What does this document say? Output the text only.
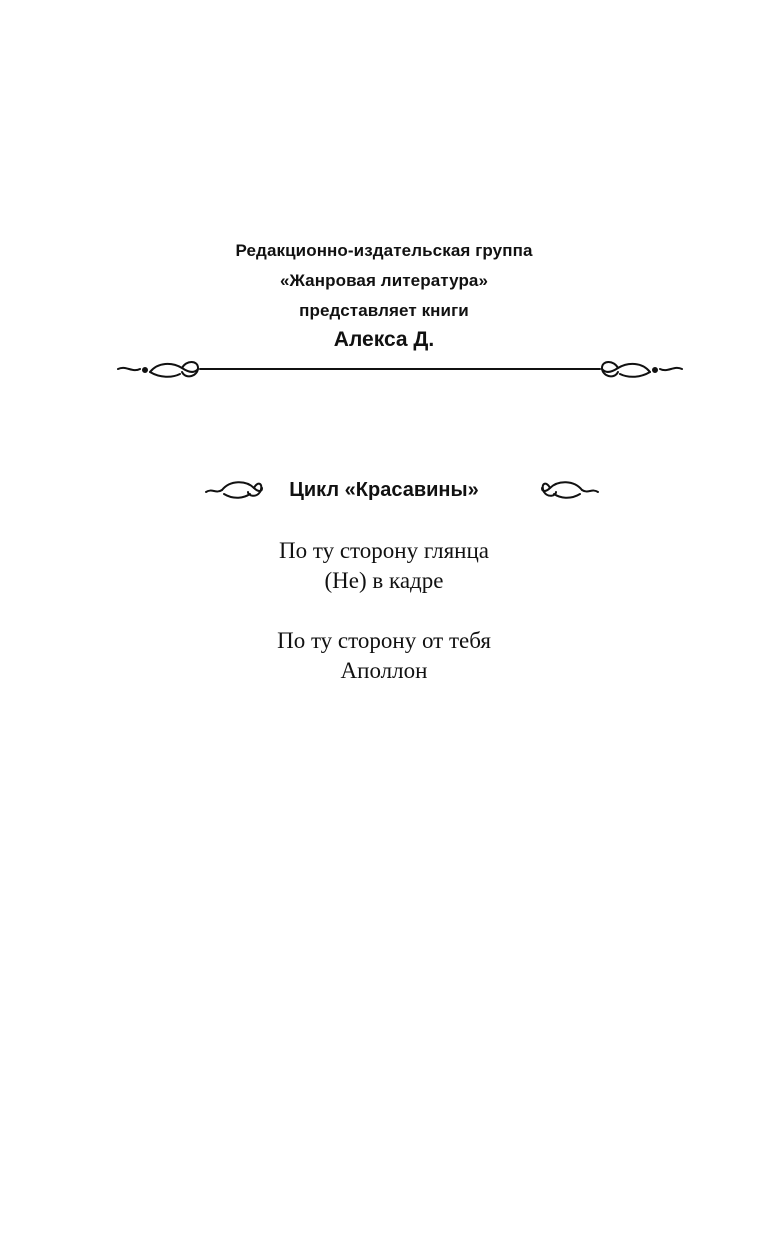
Редакционно-издательская группа
«Жанровая литература»
представляет книги
Алекса Д.
Цикл «Красавины»
По ту сторону глянца
(Не) в кадре
По ту сторону от тебя
Аполлон
